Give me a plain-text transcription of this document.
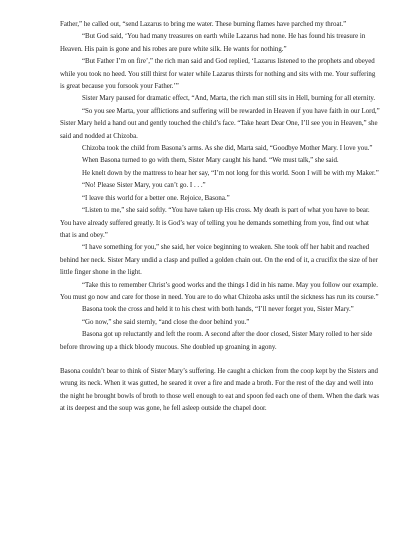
Father,” he called out, “send Lazarus to bring me water. These burning flames have parched my throat.”

“But God said, ‘You had many treasures on earth while Lazarus had none. He has found his treasure in Heaven. His pain is gone and his robes are pure white silk. He wants for nothing.”

“But Father I’m on fire’,” the rich man said and God replied, ‘Lazarus listened to the prophets and obeyed while you took no heed. You still thirst for water while Lazarus thirsts for nothing and sits with me. Your suffering is great because you forsook your Father.’”

Sister Mary paused for dramatic effect, “And, Marta, the rich man still sits in Hell, burning for all eternity.

“So you see Marta, your afflictions and suffering will be rewarded in Heaven if you have faith in our Lord,” Sister Mary held a hand out and gently touched the child’s face. “Take heart Dear One, I’ll see you in Heaven,” she said and nodded at Chizoba.

Chizoba took the child from Basona’s arms. As she did, Marta said, “Goodbye Mother Mary. I love you.”

When Basona turned to go with them, Sister Mary caught his hand. “We must talk,” she said.

He knelt down by the mattress to hear her say, “I’m not long for this world. Soon I will be with my Maker.”

“No! Please Sister Mary, you can’t go. I . . .”

“I leave this world for a better one. Rejoice, Basona.”

“Listen to me,” she said softly. “You have taken up His cross. My death is part of what you have to bear. You have already suffered greatly. It is God’s way of telling you he demands something from you, find out what that is and obey.”

“I have something for you,” she said, her voice beginning to weaken. She took off her habit and reached behind her neck. Sister Mary undid a clasp and pulled a golden chain out. On the end of it, a crucifix the size of her little finger shone in the light.

“Take this to remember Christ’s good works and the things I did in his name. May you follow our example. You must go now and care for those in need. You are to do what Chizoba asks until the sickness has run its course.”

Basona took the cross and held it to his chest with both hands, “I’ll never forget you, Sister Mary.”

“Go now,” she said sternly, “and close the door behind you.”

Basona got up reluctantly and left the room. A second after the door closed, Sister Mary rolled to her side before throwing up a thick bloody mucous. She doubled up groaning in agony.

Basona couldn’t bear to think of Sister Mary’s suffering. He caught a chicken from the coop kept by the Sisters and wrung its neck. When it was gutted, he seared it over a fire and made a broth. For the rest of the day and well into the night he brought bowls of broth to those well enough to eat and spoon fed each one of them. When the dark was at its deepest and the soup was gone, he fell asleep outside the chapel door.
